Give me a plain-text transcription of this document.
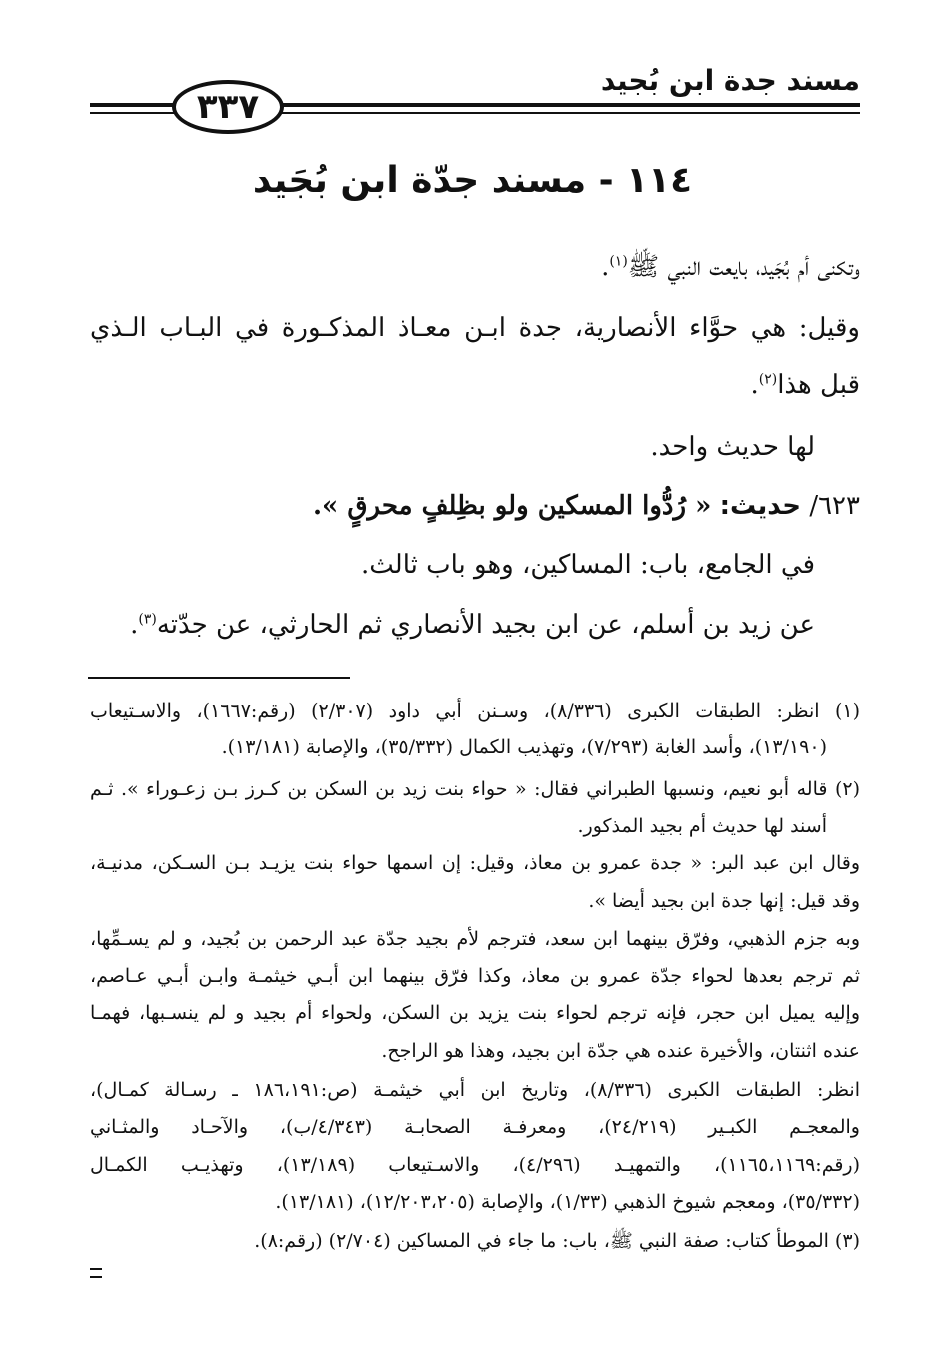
مسند جدة ابن بُجيد
٣٣٧
١١٤ - مسند جدّة ابن بُجَيد
وتكنى أم بُجَيد، بايعت النبي ﷺ$^{(١)}$.
وقيل: هي حوَّاء الأنصارية، جدة ابـن معـاذ المذكـورة في البـاب الـذي
قبل هذا$^{(٢)}$.
لها حديث واحد.
٦٢٣/ حديث: « رُدُّوا المسكين ولو بظِلفٍ محرقٍ ».
في الجامع، باب: المساكين، وهو باب ثالث.
عن زيد بن أسلم، عن ابن بجيد الأنصاري ثم الحارثي، عن جدّته$^{(٣)}$.
(١) انظر: الطبقات الكبرى (٨/٣٣٦)، وسـنن أبي داود (٢/٣٠٧) (رقم:١٦٦٧)، والاسـتيعاب
(١٣/١٩٠)، وأسد الغابة (٧/٢٩٣)، وتهذيب الكمال (٣٥/٣٣٢)، والإصابة (١٣/١٨١).
(٢) قاله أبو نعيم، ونسبها الطبراني فقال: « حواء بنت زيد بن السكن بن كـرز بـن زعـوراء ». ثـم
أسند لها حديث أم بجيد المذكور.
وقال ابن عبد البر: « جدة عمرو بن معاذ، وقيل: إن اسمها حواء بنت يزيـد بـن السـكن، مدنيـة،
وقد قيل: إنها جدة ابن بجيد أيضا ».
وبه جزم الذهبي، وفرّق بينهما ابن سعد، فترجم لأم بجيد جدّة عبد الرحمن بن بُجيد، و لم يسـمِّها،
ثم ترجم بعدها لحواء جدّة عمرو بن معاذ، وكذا فرّق بينهما ابن أبـي خيثمـة وابـن أبـي عـاصم،
وإليه يميل ابن حجر، فإنه ترجم لحواء بنت يزيد بن السكن، ولحواء أم بجيد و لم ينسـبها، فهمـا
عنده اثنتان، والأخيرة عنده هي جدّة ابن بجيد، وهذا هو الراجح.
انظر: الطبقات الكبرى (٨/٣٣٦)، وتاريخ ابن أبي خيثمـة (ص:١٨٦،١٩١ ـ رسـالة كمـال)،
والمعجـم الكبـير (٢٤/٢١٩)، ومعرفـة الصحابـة (٤/٣٤٣/ب)، والآحـاد والمثـاني
(رقم:١١٦٥،١١٦٩)، والتمهيـد (٤/٢٩٦)، والاسـتيعاب (١٣/١٨٩)، وتهذيـب الكمـال
(٣٥/٣٣٢)، ومعجم شيوخ الذهبي (١/٣٣)، والإصابة (١٢/٢٠٣،٢٠٥)، (١٣/١٨١).
(٣) الموطأ كتاب: صفة النبي ﷺ، باب: ما جاء في المساكين (٢/٧٠٤) (رقم:٨).
